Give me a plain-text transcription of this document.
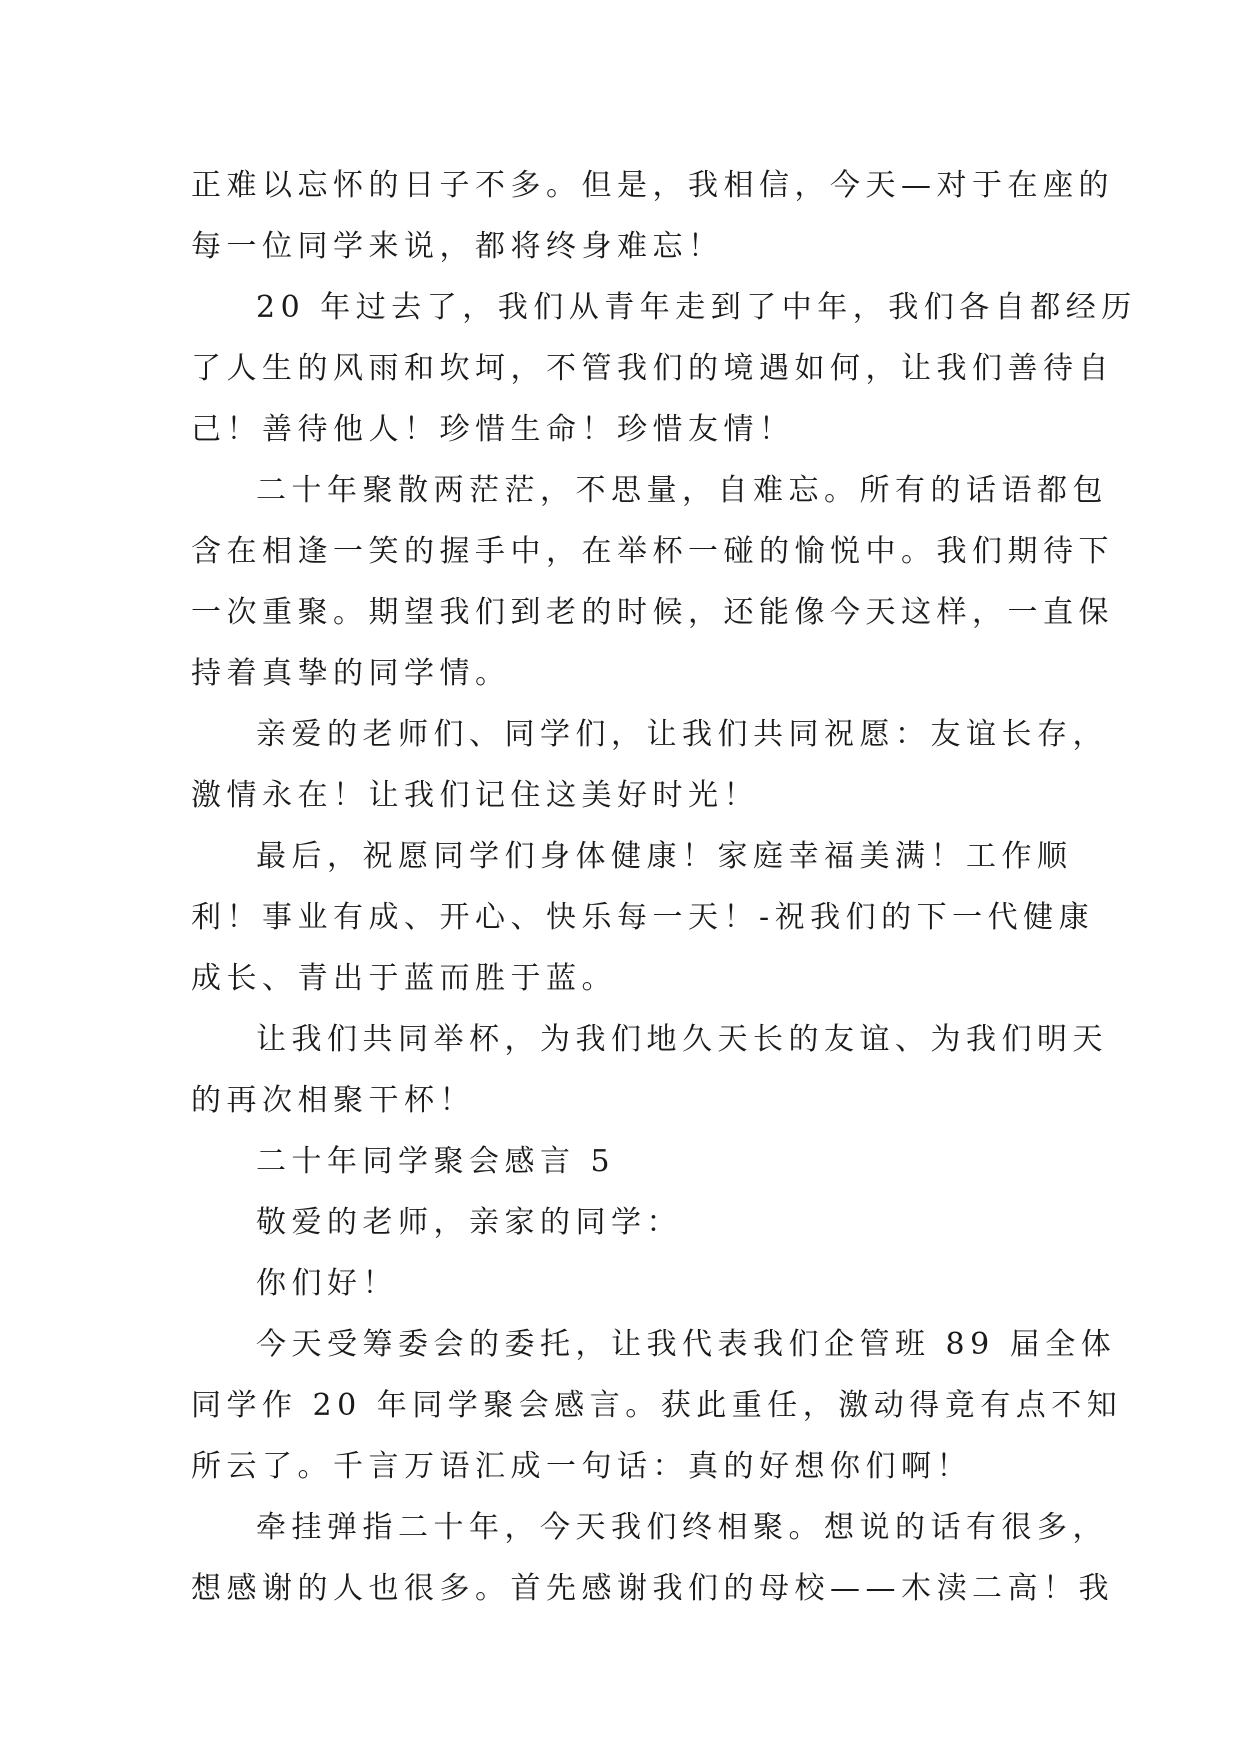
正难以忘怀的日子不多。但是，我相信，今天—对于在座的
每一位同学来说，都将终身难忘！
20 年过去了，我们从青年走到了中年，我们各自都经历
了人生的风雨和坎坷，不管我们的境遇如何，让我们善待自
己！善待他人！珍惜生命！珍惜友情！
二十年聚散两茫茫，不思量，自难忘。所有的话语都包
含在相逢一笑的握手中，在举杯一碰的愉悦中。我们期待下
一次重聚。期望我们到老的时候，还能像今天这样，一直保
持着真挚的同学情。
亲爱的老师们、同学们，让我们共同祝愿：友谊长存，
激情永在！让我们记住这美好时光！
最后，祝愿同学们身体健康！家庭幸福美满！工作顺
利！事业有成、开心、快乐每一天！-祝我们的下一代健康
成长、青出于蓝而胜于蓝。
让我们共同举杯，为我们地久天长的友谊、为我们明天
的再次相聚干杯！
二十年同学聚会感言 5
敬爱的老师，亲家的同学：
你们好！
今天受筹委会的委托，让我代表我们企管班 89 届全体
同学作 20 年同学聚会感言。获此重任，激动得竟有点不知
所云了。千言万语汇成一句话：真的好想你们啊！
牵挂弹指二十年，今天我们终相聚。想说的话有很多，
想感谢的人也很多。首先感谢我们的母校——木渎二高！我
